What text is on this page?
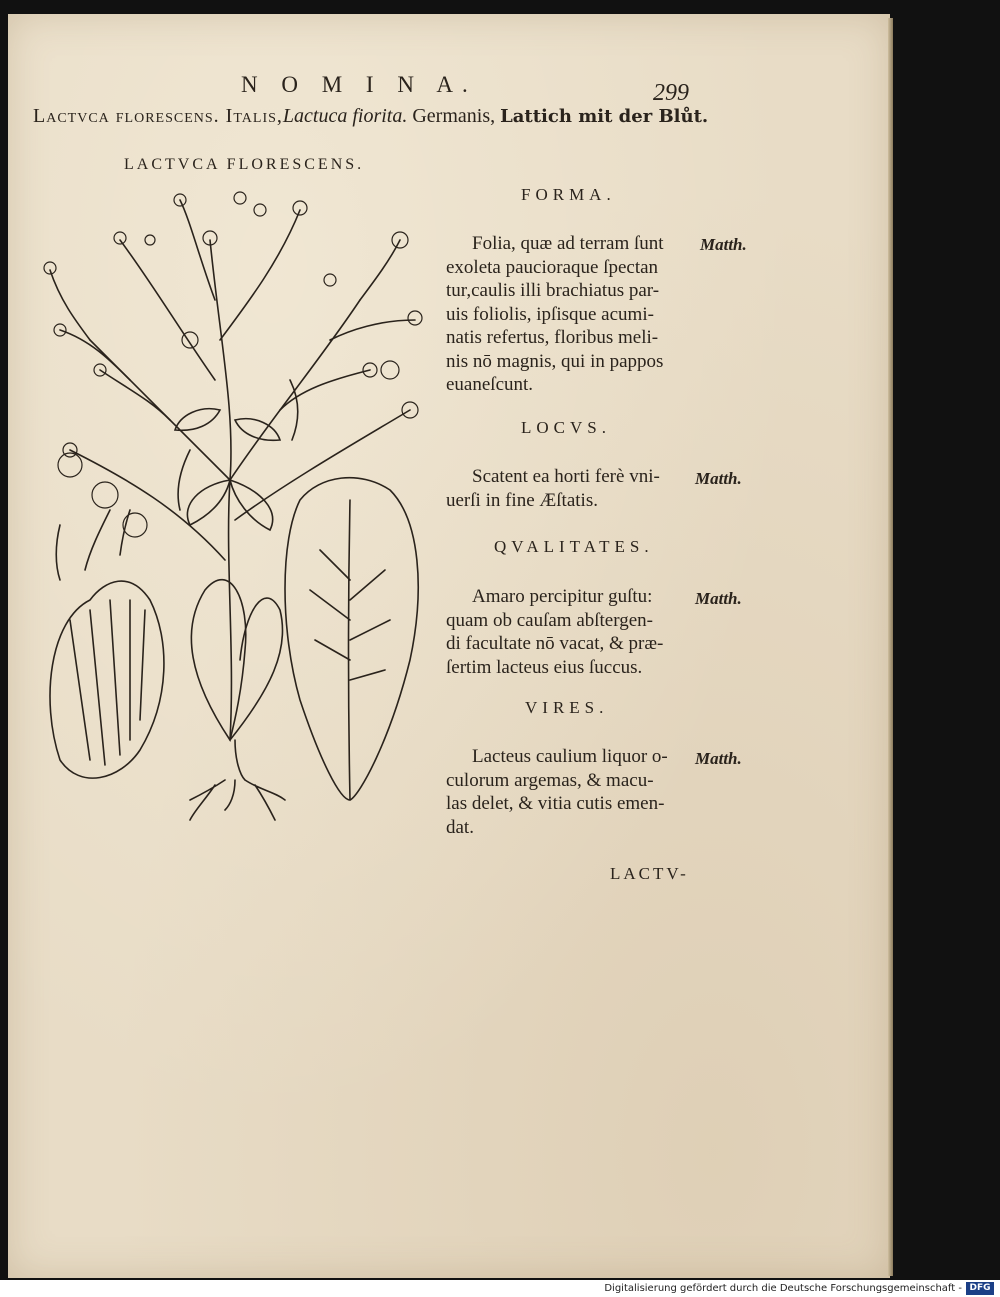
N O M I N A.	299
Lactvca florescens. Italis,Lactuca fiorita. Germanis, Lattich mit der Blůt.
LACTVCA FLORESCENS.
FORMA.
Folia, quæ ad terram ſunt
exoleta paucioraque ſpectan
tur,caulis illi brachiatus par-
uis foliolis, ipſisque acumi-
natis refertus, floribus meli-
nis nō magnis, qui in pappos
euaneſcunt.
Matth.
LOCVS.
Scatent ea horti ferè vni-
uerſi in fine Æſtatis.
Matth.
QVALITATES.
Amaro percipitur guſtu:
quam ob cauſam abſtergen-
di facultate nō vacat, & præ-
ſertim lacteus eius ſuccus.
Matth.
VIRES.
Lacteus caulium liquor o-
culorum argemas, & macu-
las delet, & vitia cutis emen-
dat.
Matth.
LACTV-
Digitalisierung gefördert durch die Deutsche Forschungsgemeinschaft - DFG
